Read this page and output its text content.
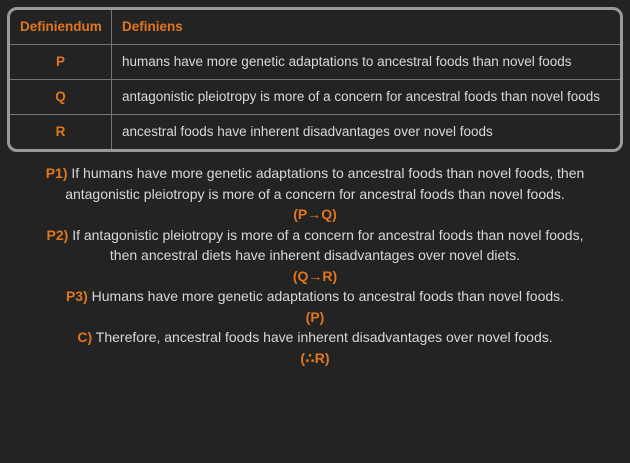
Definiendum	Definiens
P	humans have more genetic adaptations to ancestral foods than novel foods
Q	antagonistic pleiotropy is more of a concern for ancestral foods than novel foods
R	ancestral foods have inherent disadvantages over novel foods

P1) If humans have more genetic adaptations to ancestral foods than novel foods, then antagonistic pleiotropy is more of a concern for ancestral foods than novel foods.

(P→Q)

P2) If antagonistic pleiotropy is more of a concern for ancestral foods than novel foods, then ancestral diets have inherent disadvantages over novel diets.

(Q→R)

P3) Humans have more genetic adaptations to ancestral foods than novel foods.

(P)

C) Therefore, ancestral foods have inherent disadvantages over novel foods.

(∴R)
